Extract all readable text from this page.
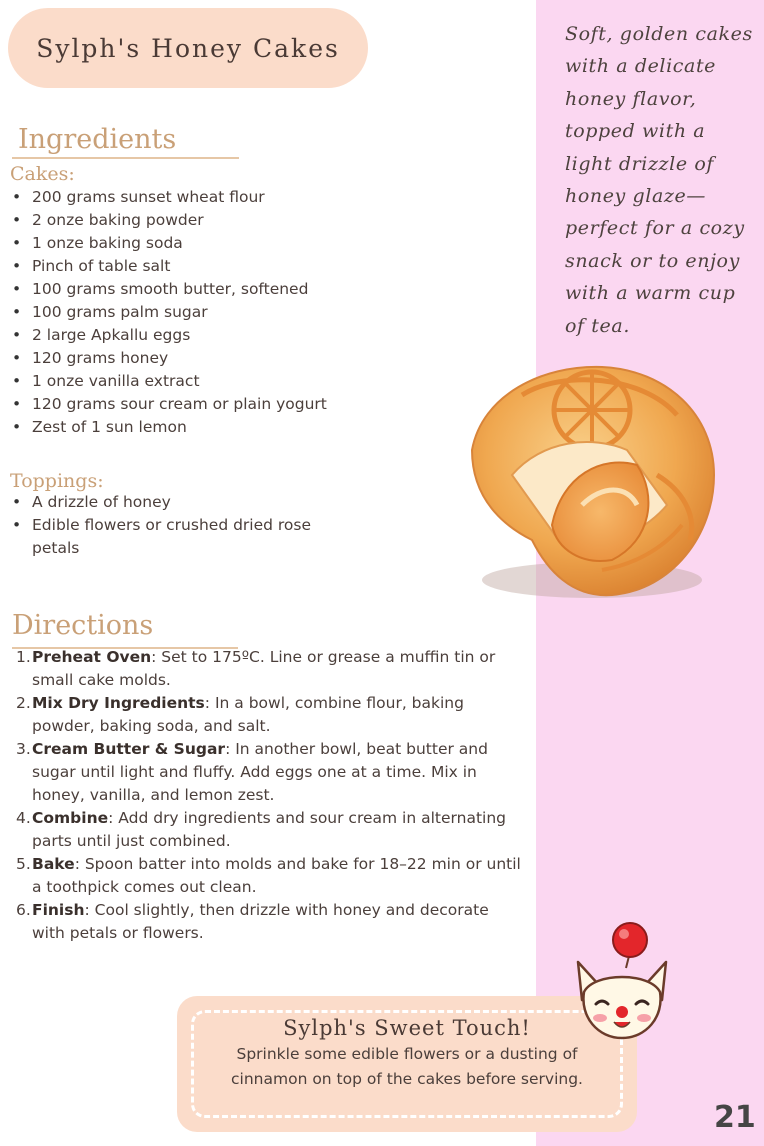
Sylph's Honey Cakes	Soft, golden cakes with a delicate honey flavor, topped with a light drizzle of honey glaze—perfect for a cozy snack or to enjoy with a warm cup of tea.

Ingredients
Cakes:
• 200 grams sunset wheat flour
• 2 onze baking powder
• 1 onze baking soda
• Pinch of table salt
• 100 grams smooth butter, softened
• 100 grams palm sugar
• 2 large Apkallu eggs
• 120 grams honey
• 1 onze vanilla extract
• 120 grams sour cream or plain yogurt
• Zest of 1 sun lemon
Toppings:
• A drizzle of honey
• Edible flowers or crushed dried rose petals
Directions
1. Preheat Oven: Set to 175ºC. Line or grease a muffin tin or small cake molds.
2. Mix Dry Ingredients: In a bowl, combine flour, baking powder, baking soda, and salt.
3. Cream Butter & Sugar: In another bowl, beat butter and sugar until light and fluffy. Add eggs one at a time. Mix in honey, vanilla, and lemon zest.
4. Combine: Add dry ingredients and sour cream in alternating parts until just combined.
5. Bake: Spoon batter into molds and bake for 18–22 min or until a toothpick comes out clean.
6. Finish: Cool slightly, then drizzle with honey and decorate with petals or flowers.
Sylph's Sweet Touch!

Sprinkle some edible flowers or a dusting of cinnamon on top of the cakes before serving.

21
